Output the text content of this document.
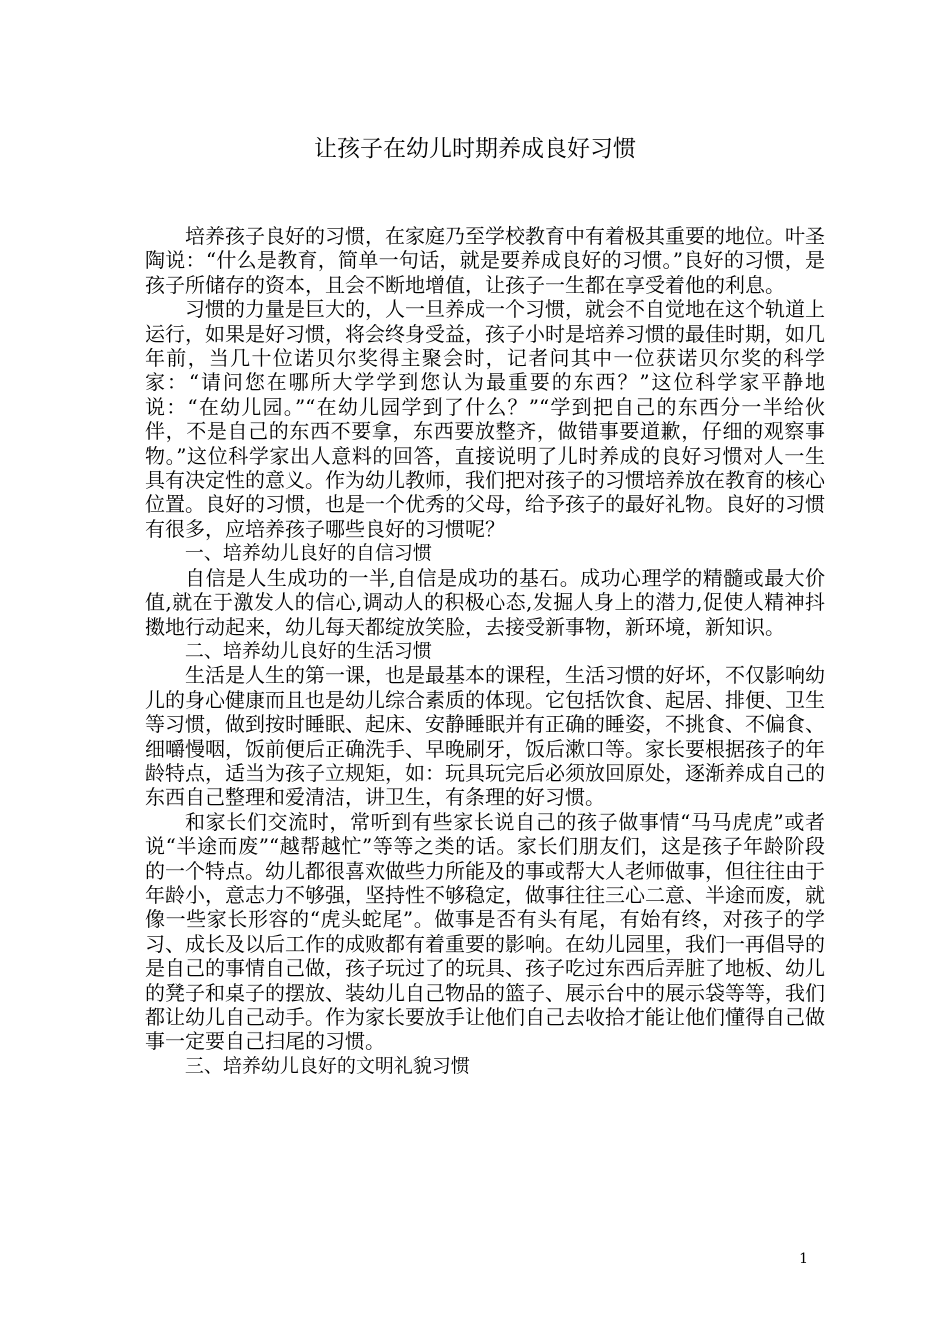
让孩子在幼儿时期养成良好习惯

培养孩子良好的习惯，在家庭乃至学校教育中有着极其重要的地位。叶圣陶说：“什么是教育，简单一句话，就是要养成良好的习惯。”良好的习惯，是孩子所储存的资本，且会不断地增值，让孩子一生都在享受着他的利息。

习惯的力量是巨大的，人一旦养成一个习惯，就会不自觉地在这个轨道上运行，如果是好习惯，将会终身受益，孩子小时是培养习惯的最佳时期，如几年前，当几十位诺贝尔奖得主聚会时，记者问其中一位获诺贝尔奖的科学家：“请问您在哪所大学学到您认为最重要的东西？”这位科学家平静地说：“在幼儿园。”“在幼儿园学到了什么？”“学到把自己的东西分一半给伙伴，不是自己的东西不要拿，东西要放整齐，做错事要道歉，仔细的观察事物。”这位科学家出人意料的回答，直接说明了儿时养成的良好习惯对人一生具有决定性的意义。作为幼儿教师，我们把对孩子的习惯培养放在教育的核心位置。良好的习惯，也是一个优秀的父母，给予孩子的最好礼物。良好的习惯有很多，应培养孩子哪些良好的习惯呢？

一、培养幼儿良好的自信习惯

自信是人生成功的一半,自信是成功的基石。成功心理学的精髓或最大价值,就在于激发人的信心,调动人的积极心态,发掘人身上的潜力,促使人精神抖擞地行动起来，幼儿每天都绽放笑脸，去接受新事物，新环境，新知识。

二、培养幼儿良好的生活习惯

生活是人生的第一课，也是最基本的课程，生活习惯的好坏，不仅影响幼儿的身心健康而且也是幼儿综合素质的体现。它包括饮食、起居、排便、卫生等习惯，做到按时睡眠、起床、安静睡眠并有正确的睡姿，不挑食、不偏食、细嚼慢咽，饭前便后正确洗手、早晚刷牙，饭后漱口等。家长要根据孩子的年龄特点，适当为孩子立规矩，如：玩具玩完后必须放回原处，逐渐养成自己的东西自己整理和爱清洁，讲卫生，有条理的好习惯。

和家长们交流时，常听到有些家长说自己的孩子做事情“马马虎虎”或者说“半途而废”“越帮越忙”等等之类的话。家长们朋友们，这是孩子年龄阶段的一个特点。幼儿都很喜欢做些力所能及的事或帮大人老师做事，但往往由于年龄小，意志力不够强，坚持性不够稳定，做事往往三心二意、半途而废，就像一些家长形容的“虎头蛇尾”。做事是否有头有尾，有始有终，对孩子的学习、成长及以后工作的成败都有着重要的影响。在幼儿园里，我们一再倡导的是自己的事情自己做，孩子玩过了的玩具、孩子吃过东西后弄脏了地板、幼儿的凳子和桌子的摆放、装幼儿自己物品的篮子、展示台中的展示袋等等，我们都让幼儿自己动手。作为家长要放手让他们自己去收拾才能让他们懂得自己做事一定要自己扫尾的习惯。

三、培养幼儿良好的文明礼貌习惯

1
